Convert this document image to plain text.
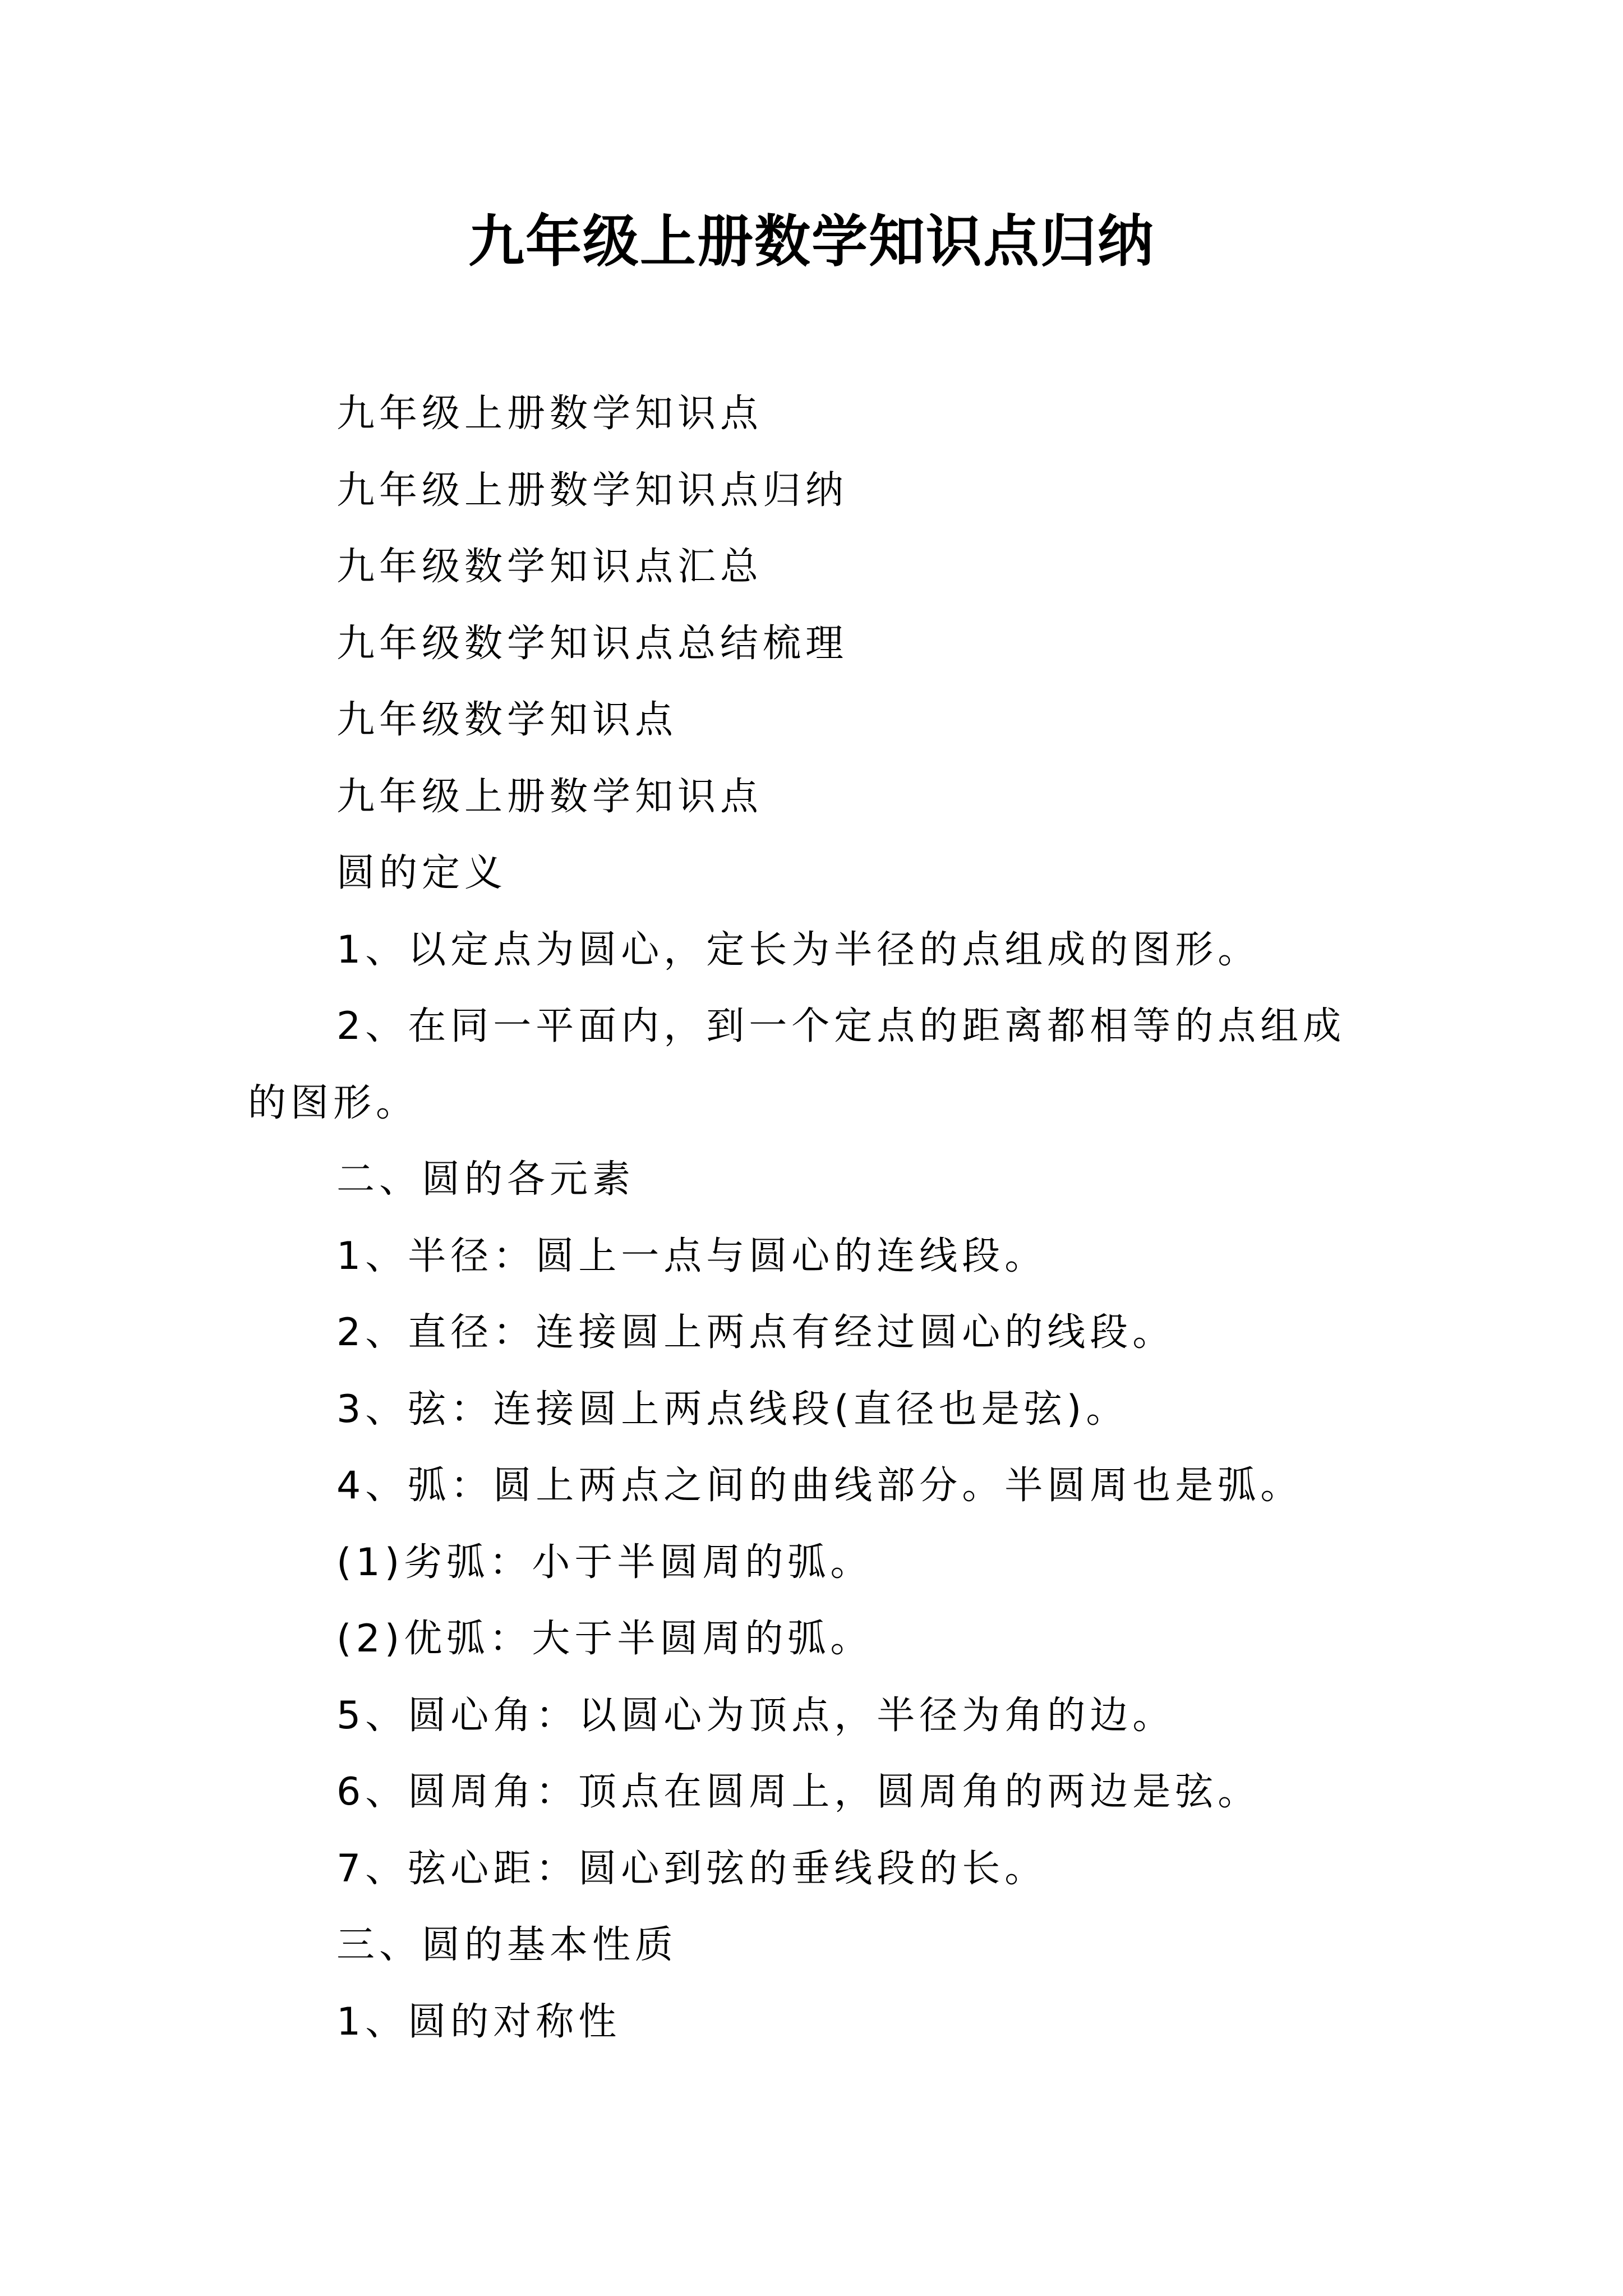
九年级上册数学知识点归纳

九年级上册数学知识点

九年级上册数学知识点归纳

九年级数学知识点汇总

九年级数学知识点总结梳理

九年级数学知识点

九年级上册数学知识点

圆的定义

1、以定点为圆心，定长为半径的点组成的图形。

2、在同一平面内，到一个定点的距离都相等的点组成

的图形。

二、圆的各元素

1、半径：圆上一点与圆心的连线段。

2、直径：连接圆上两点有经过圆心的线段。

3、弦：连接圆上两点线段(直径也是弦)。

4、弧：圆上两点之间的曲线部分。半圆周也是弧。

(1)劣弧：小于半圆周的弧。

(2)优弧：大于半圆周的弧。

5、圆心角：以圆心为顶点，半径为角的边。

6、圆周角：顶点在圆周上，圆周角的两边是弦。

7、弦心距：圆心到弦的垂线段的长。

三、圆的基本性质

1、圆的对称性
